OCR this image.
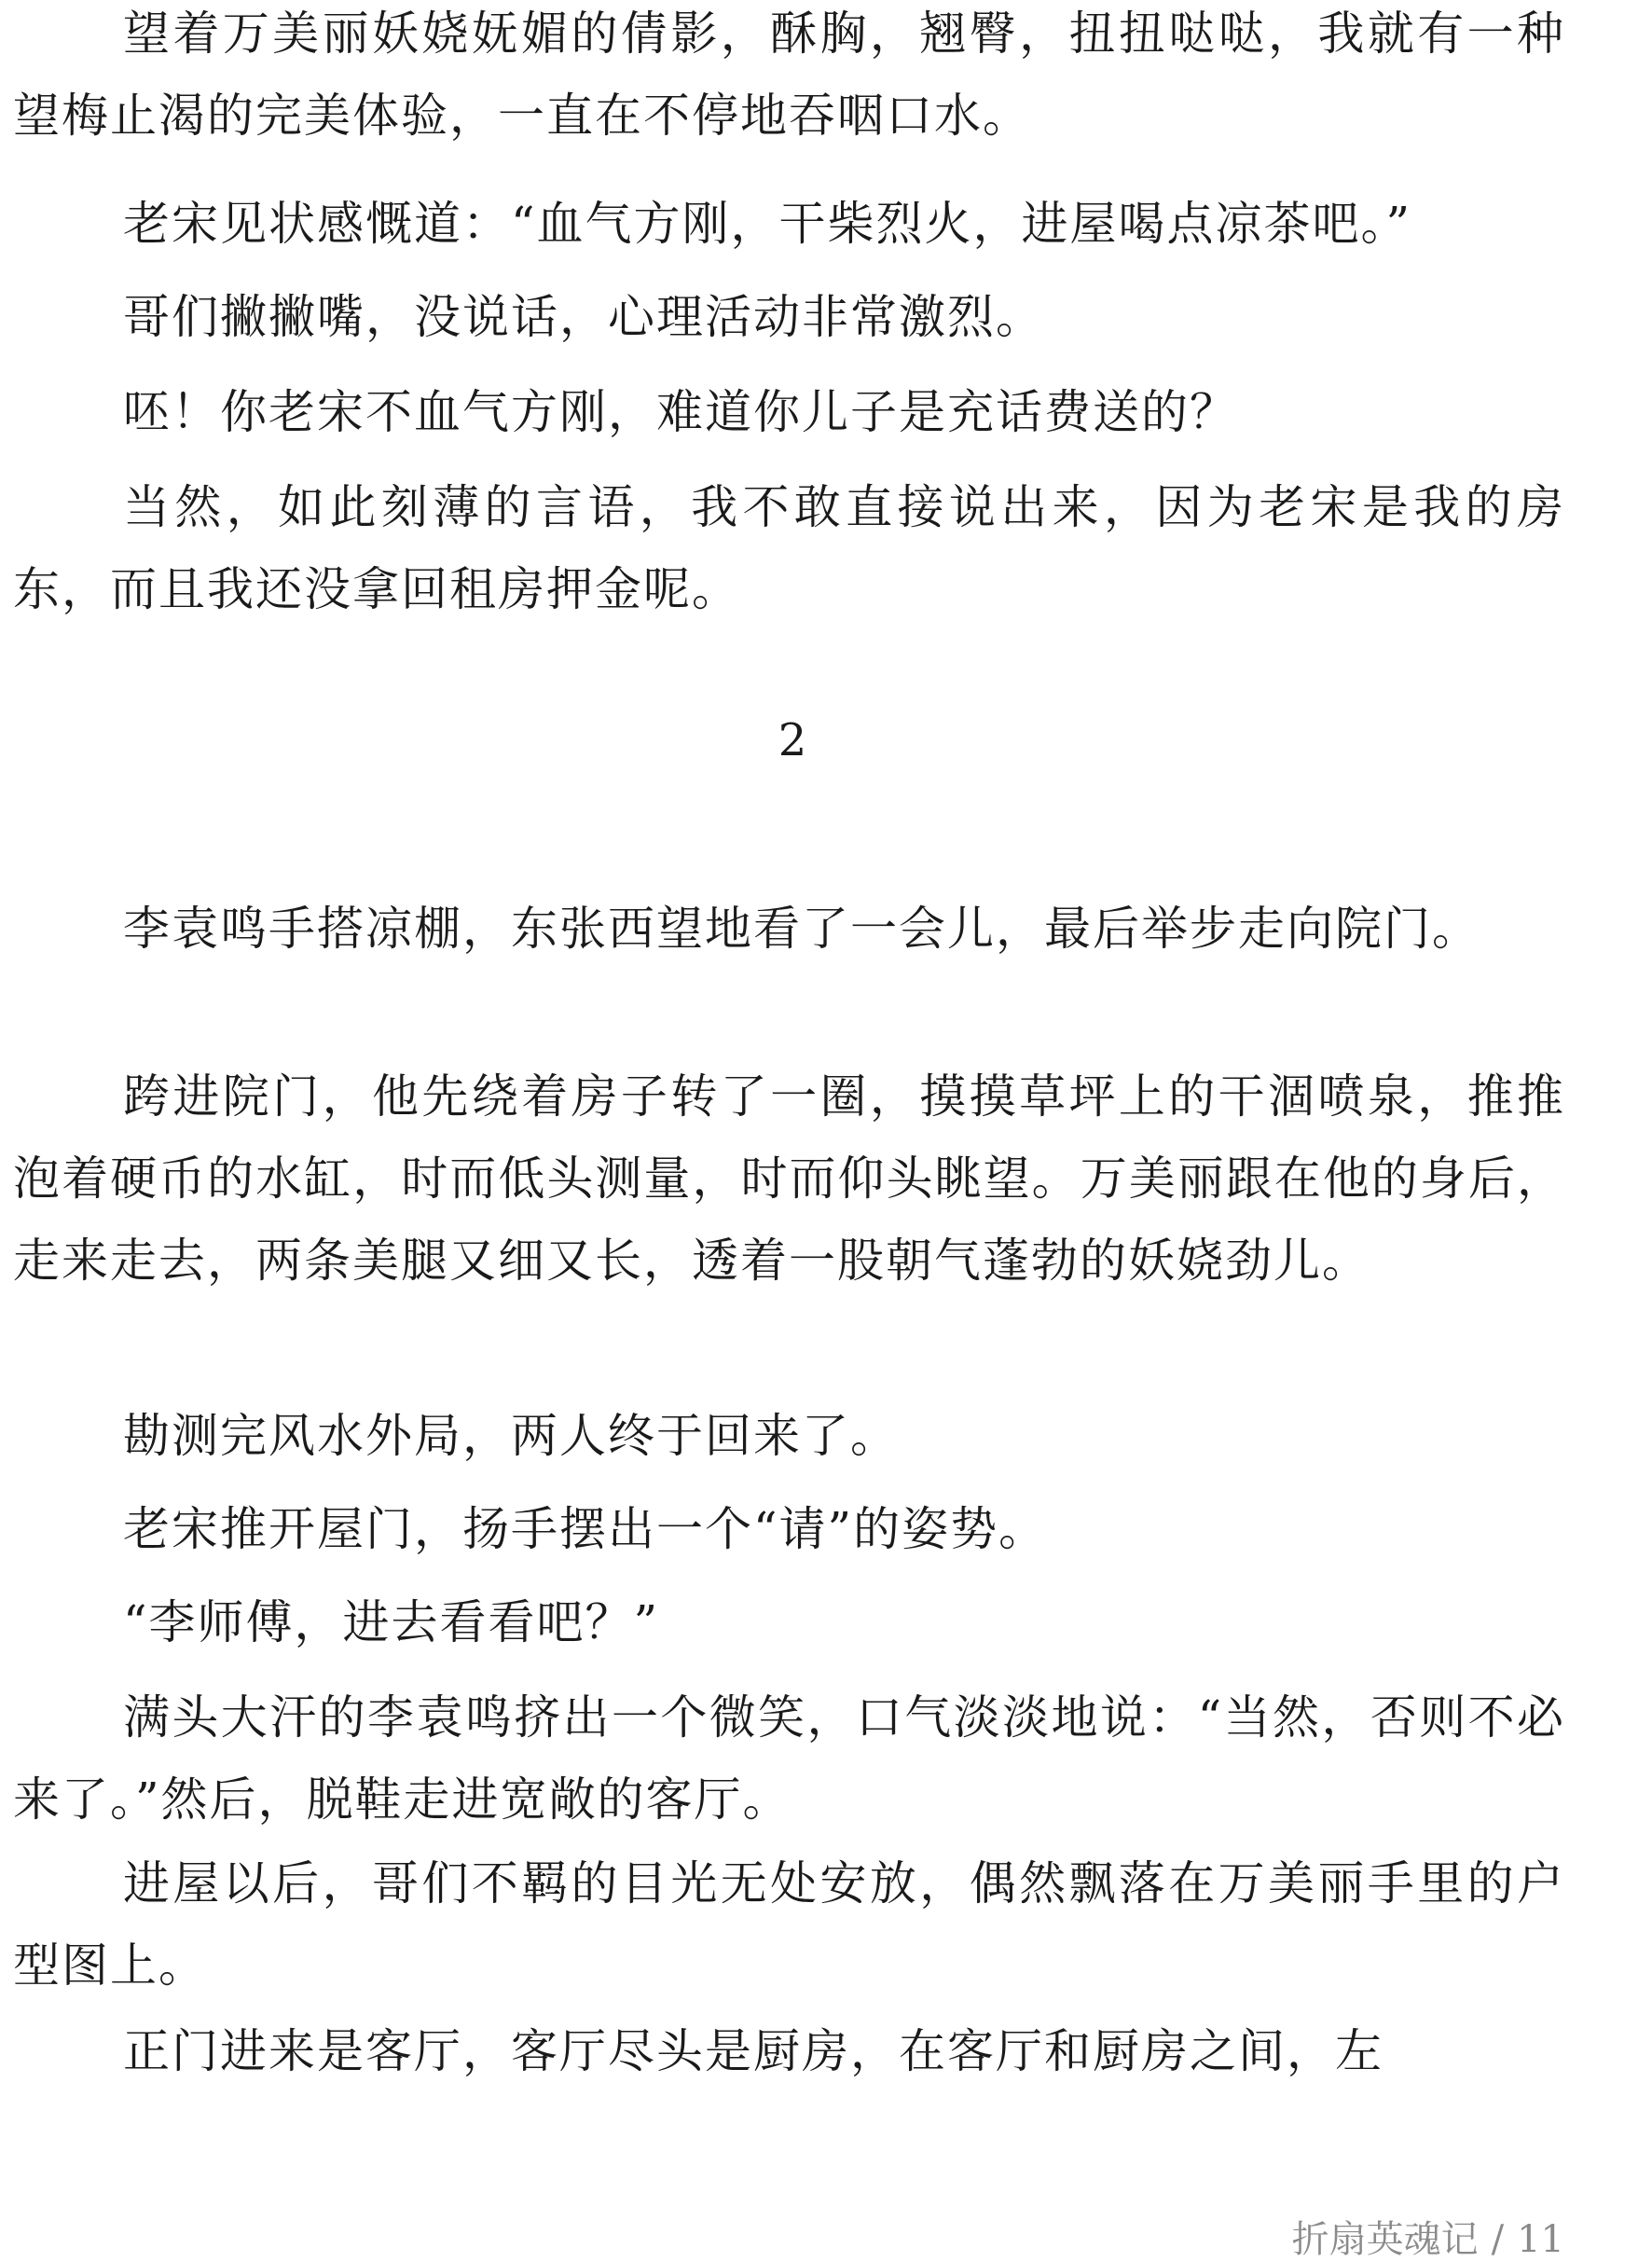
望着万美丽妖娆妩媚的倩影，酥胸，翘臀，扭扭哒哒，我就有一种望梅止渴的完美体验，一直在不停地吞咽口水。

老宋见状感慨道：“血气方刚，干柴烈火，进屋喝点凉茶吧。”

哥们撇撇嘴，没说话，心理活动非常激烈。

呸！你老宋不血气方刚，难道你儿子是充话费送的？

当然，如此刻薄的言语，我不敢直接说出来，因为老宋是我的房东，而且我还没拿回租房押金呢。

2

李袁鸣手搭凉棚，东张西望地看了一会儿，最后举步走向院门。

跨进院门，他先绕着房子转了一圈，摸摸草坪上的干涸喷泉，推推泡着硬币的水缸，时而低头测量，时而仰头眺望。万美丽跟在他的身后，走来走去，两条美腿又细又长，透着一股朝气蓬勃的妖娆劲儿。

勘测完风水外局，两人终于回来了。

老宋推开屋门，扬手摆出一个“请”的姿势。

“李师傅，进去看看吧？”

满头大汗的李袁鸣挤出一个微笑，口气淡淡地说：“当然，否则不必来了。”然后，脱鞋走进宽敞的客厅。

进屋以后，哥们不羁的目光无处安放，偶然飘落在万美丽手里的户型图上。

正门进来是客厅，客厅尽头是厨房，在客厅和厨房之间，左

折扇英魂记 / 11
